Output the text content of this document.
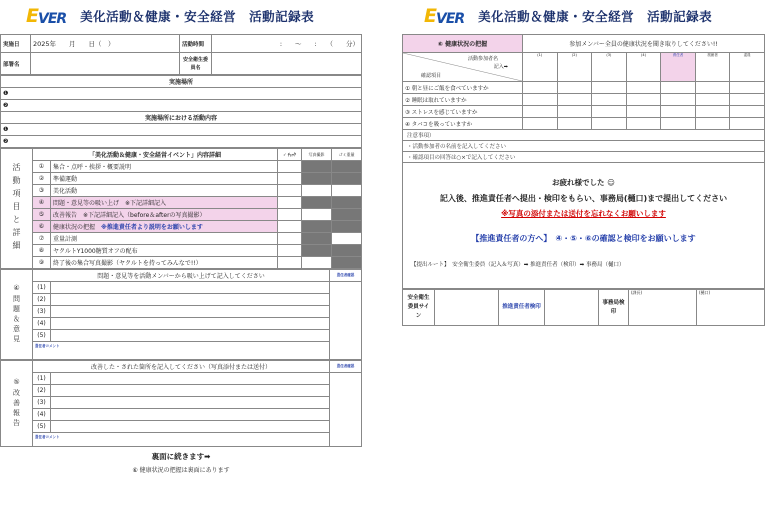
E VER 美化活動＆健康・安全経営　活動記録表
実施日	2025年　　月　　日（　）	活動時間	:　　～　　:　　（　　分）
部署名		安全衛生委員名	
実施場所
❶
❷
実施場所における活動内容
❶
❷
活動項目と詳細	「美化活動＆健康・安全経営イベント」内容詳細		✓ ﾁｪｯｸ	写真撮影	ゴミ重量
	①	集合・点呼・挨拶・概要説明			
	②	準備運動			
	③	美化活動			
	④	問題・意見等の吸い上げ　※下記詳細記入			
	⑤	改善報告　※下記詳細記入（before＆afterの写真撮影）			
	⑥	健康状況の把握　 ※推進責任者より説明をお願いします			
	⑦	重量計測			
	⑧	ヤクルトY1000糖質オフの配布			
	⑨	終了後の集合写真撮影（ヤクルトを持ってみんなで!!）			
④問題＆意見	問題・意見等を活動メンバーから吸い上げて記入してください		責任者確認
	(1)		
	(2)		
	(3)		
	(4)		
	(5)		
	責任者コメント		
⑤改善報告	改善した・された箇所を記入してください（写真添付または送付）		責任者確認
	(1)		
	(2)		
	(3)		
	(4)		
	(5)		
	責任者コメント		
裏面に続きます➡
⑥ 健康状況の把握は裏面にあります
E VER 美化活動＆健康・安全経営　活動記録表
⑥ 健康状況の把握	参加メンバー全員の健康状況を聞き取りしてください!!						

活動参加者名
記入➡
確認項目	(1)	(2)	(3)	(4)	責任者	旅館者	委員
① 朝と昼にご飯を食べていますか							
② 睡眠は取れていますか							
③ ストレスを感じていますか							
④ タバコを吸っていますか							
注意事項）							
・活動参加者の名前を記入してください							
・確認項目の回答は○×で記入してください							
お疲れ様でした ☺
記入後、推進責任者へ提出・検印をもらい、事務局(樋口)まで提出してください
※写真の添付または送付を忘れなくお願いします
【推進責任者の方へ】　④・⑤・⑥の確認と検印をお願いします
【提出ルート】　安全衛生委員（記入＆写真）➡ 推進責任者（検印）➡ 事務局（樋口）
安全衛生委員サイン		推進責任者検印		事務局検印	(課長)	(樋口)
